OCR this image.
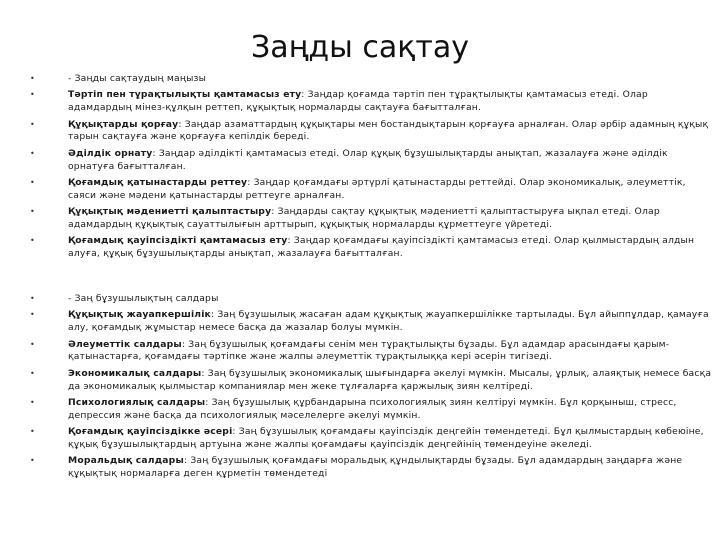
Заңды сақтау
•	- Заңды сақтаудың маңызы
•	Тәртіп пен тұрақтылықты қамтамасыз ету: Заңдар қоғамда тәртіп пен тұрақтылықты қамтамасыз етеді. Олар адамдардың мінез-құлқын реттеп, құқықтық нормаларды сақтауға бағытталған.
•	Құқықтарды қорғау: Заңдар азаматтардың құқықтары мен бостандықтарын қорғауға арналған. Олар әрбір адамның құқық тарын сақтауға және қорғауға кепілдік береді.
•	Әділдік орнату: Заңдар әділдікті қамтамасыз етеді. Олар құқық бұзушылықтарды анықтап, жазалауға және әділдік орнатуға бағытталған.
•	Қоғамдық қатынастарды реттеу: Заңдар қоғамдағы әртүрлі қатынастарды реттейді. Олар экономикалық, әлеуметтік, саяси және мәдени қатынастарды реттеуге арналған.
•	Құқықтық мәдениетті қалыптастыру: Заңдарды сақтау құқықтық мәдениетті қалыптастыруға ықпал етеді. Олар адамдардың құқықтық сауаттылығын арттырып, құқықтық нормаларды құрметтеуге үйретеді.
•	Қоғамдық қауіпсіздікті қамтамасыз ету: Заңдар қоғамдағы қауіпсіздікті қамтамасыз етеді. Олар қылмыстардың алдын алуға, құқық бұзушылықтарды анықтап, жазалауға бағытталған.
•	- Заң бұзушылықтың салдары
•	Құқықтық жауапкершілік: Заң бұзушылық жасаған адам құқықтық жауапкершілікке тартылады. Бұл айыппұлдар, қамауға алу, қоғамдық жұмыстар немесе басқа да жазалар болуы мүмкін.
•	Әлеуметтік салдары: Заң бұзушылық қоғамдағы сенім мен тұрақтылықты бұзады. Бұл адамдар арасындағы қарым-қатынастарға, қоғамдағы тәртіпке және жалпы әлеуметтік тұрақтылыққа кері әсерін тигізеді.
•	Экономикалық салдары: Заң бұзушылық экономикалық шығындарға әкелуі мүмкін. Мысалы, ұрлық, алаяқтық немесе басқа да экономикалық қылмыстар компаниялар мен жеке тұлғаларға қаржылық зиян келтіреді.
•	Психологиялық салдары: Заң бұзушылық құрбандарына психологиялық зиян келтіруі мүмкін. Бұл қорқыныш, стресс, депрессия және басқа да психологиялық мәселелерге әкелуі мүмкін.
•	Қоғамдық қауіпсіздікке әсері: Заң бұзушылық қоғамдағы қауіпсіздік деңгейін төмендетеді. Бұл қылмыстардың көбеюіне, құқық бұзушылықтардың артуына және жалпы қоғамдағы қауіпсіздік деңгейінің төмендеуіне әкеледі.
•	Моральдық салдары: Заң бұзушылық қоғамдағы моральдық құндылықтарды бұзады. Бұл адамдардың заңдарға және құқықтық нормаларға деген құрметін төмендетеді
